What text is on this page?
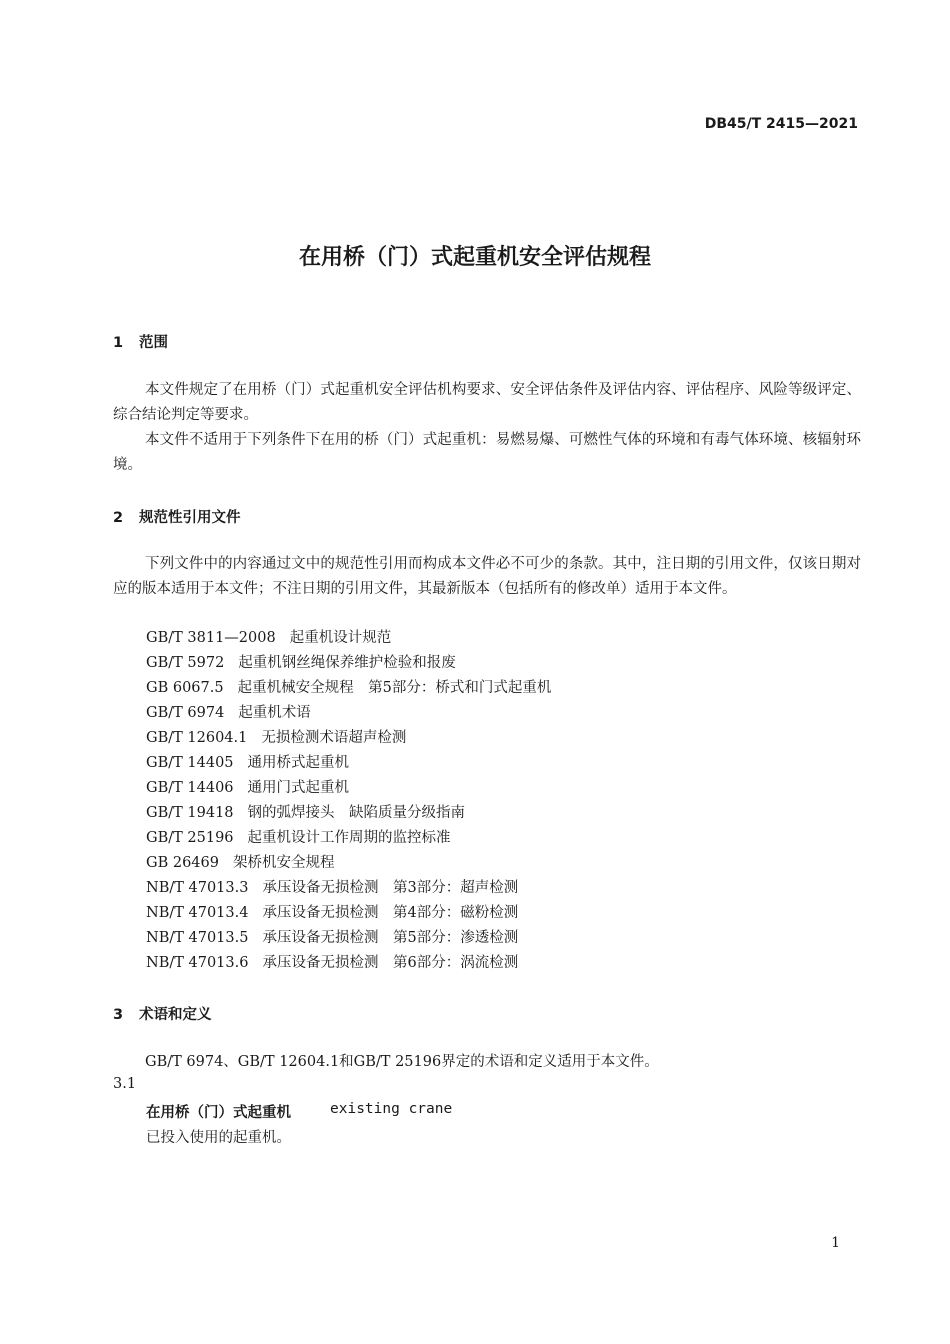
DB45/T 2415—2021
在用桥（门）式起重机安全评估规程
1 范围

本文件规定了在用桥（门）式起重机安全评估机构要求、安全评估条件及评估内容、评估程序、风险等级评定、综合结论判定等要求。

本文件不适用于下列条件下在用的桥（门）式起重机：易燃易爆、可燃性气体的环境和有毒气体环境、核辐射环境。

2 规范性引用文件

下列文件中的内容通过文中的规范性引用而构成本文件必不可少的条款。其中，注日期的引用文件，仅该日期对应的版本适用于本文件；不注日期的引用文件，其最新版本（包括所有的修改单）适用于本文件。

GB/T 3811—2008 起重机设计规范
GB/T 5972 起重机钢丝绳保养维护检验和报废
GB 6067.5 起重机械安全规程　第5部分：桥式和门式起重机
GB/T 6974 起重机术语
GB/T 12604.1 无损检测术语超声检测
GB/T 14405 通用桥式起重机
GB/T 14406 通用门式起重机
GB/T 19418 钢的弧焊接头　缺陷质量分级指南
GB/T 25196 起重机设计工作周期的监控标准
GB 26469 架桥机安全规程
NB/T 47013.3 承压设备无损检测　第3部分：超声检测
NB/T 47013.4 承压设备无损检测　第4部分：磁粉检测
NB/T 47013.5 承压设备无损检测　第5部分：渗透检测
NB/T 47013.6 承压设备无损检测　第6部分：涡流检测
3 术语和定义

GB/T 6974、GB/T 12604.1和GB/T 25196界定的术语和定义适用于本文件。

3.1
在用桥（门）式起重机	existing crane
已投入使用的起重机。
1
